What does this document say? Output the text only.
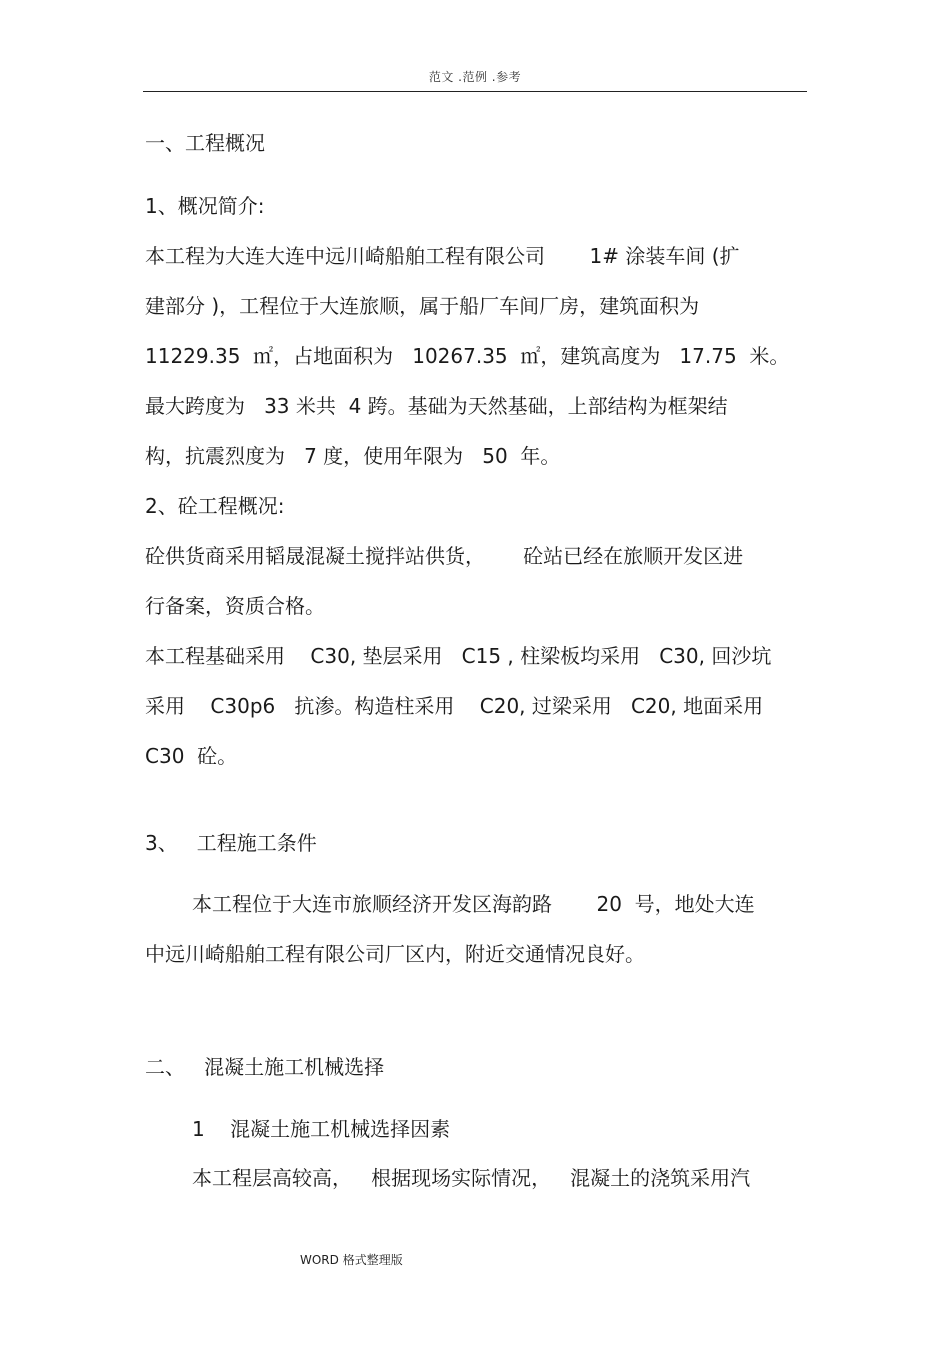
范文 .范例 .参考
一、工程概况
1、概况简介:
本工程为大连大连中远川崎船舶工程有限公司       1# 涂装车间 (扩
建部分 )，工程位于大连旅顺，属于船厂车间厂房，建筑面积为
11229.35  ㎡，占地面积为   10267.35  ㎡，建筑高度为   17.75  米。
最大跨度为   33 米共  4 跨。基础为天然基础，上部结构为框架结
构，抗震烈度为   7 度，使用年限为   50  年。
2、砼工程概况:
砼供货商采用韬晟混凝土搅拌站供货，      砼站已经在旅顺开发区进
行备案，资质合格。
本工程基础采用    C30, 垫层采用   C15 , 柱梁板均采用   C30, 回沙坑
采用    C30p6   抗渗。构造柱采用    C20, 过梁采用   C20, 地面采用
C30  砼。
3、   工程施工条件
本工程位于大连市旅顺经济开发区海韵路       20  号，地处大连
中远川崎船舶工程有限公司厂区内，附近交通情况良好。
二、   混凝土施工机械选择
1    混凝土施工机械选择因素
本工程层高较高，   根据现场实际情况，   混凝土的浇筑采用汽
WORD 格式整理版
